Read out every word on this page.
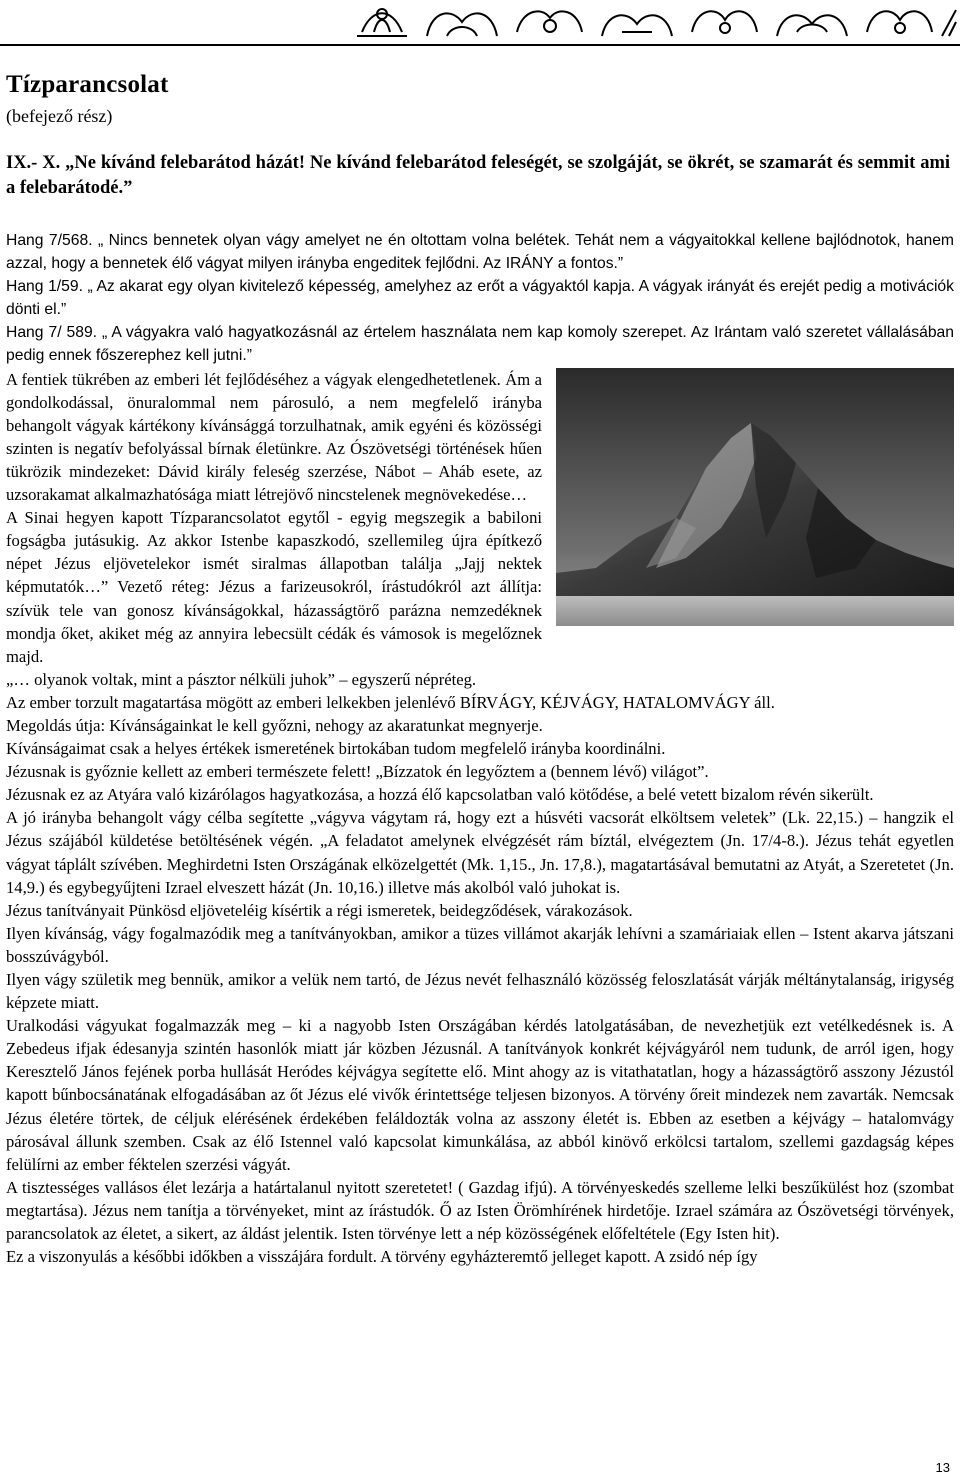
Tízparancsolat
(befejező rész)

IX.- X. „Ne kívánd felebarátod házát! Ne kívánd felebarátod feleségét, se szolgáját, se ökrét, se szamarát és semmit ami a felebarátodé.”

Hang 7/568. „ Nincs bennetek olyan vágy amelyet ne én oltottam volna belétek. Tehát nem a vágyaitokkal kellene bajlódnotok, hanem azzal, hogy a bennetek élő vágyat milyen irányba engeditek fejlődni. Az IRÁNY a fontos.”

Hang 1/59. „ Az akarat egy olyan kivitelező képesség, amelyhez az erőt a vágyaktól kapja. A vágyak irányát és erejét pedig a motivációk dönti el.”

Hang 7/ 589. „ A vágyakra való hagyatkozásnál az értelem használata nem kap komoly szerepet. Az Irántam való szeretet vállalásában pedig ennek főszerephez kell jutni.”

A fentiek tükrében az emberi lét fejlődéséhez a vágyak elengedhetetlenek. Ám a gondolkodással, önuralommal nem párosuló, a nem megfelelő irányba behangolt vágyak kártékony kívánsággá torzulhatnak, amik egyéni és közösségi szinten is negatív befolyással bírnak életünkre. Az Ószövetségi történések hűen tükrözik mindezeket: Dávid király feleség szerzése, Nábot – Aháb esete, az uzsorakamat alkalmazhatósága miatt létrejövő nincstelenek megnövekedése…

A Sinai hegyen kapott Tízparancsolatot egytől - egyig megszegik a babiloni fogságba jutásukig. Az akkor Istenbe kapaszkodó, szellemileg újra építkező népet Jézus eljövetelekor ismét siralmas állapotban találja „Jajj nektek képmutatók…” Vezető réteg: Jézus a farizeusokról, írástudókról azt állítja: szívük tele van gonosz kívánságokkal, házasságtörő parázna nemzedéknek mondja őket, akiket még az annyira lebecsült cédák és vámosok is megelőznek majd.

„… olyanok voltak, mint a pásztor nélküli juhok” – egyszerű népréteg.

Az ember torzult magatartása mögött az emberi lelkekben jelenlévő BÍRVÁGY, KÉJVÁGY, HATALOMVÁGY áll.

Megoldás útja: Kívánságainkat le kell győzni, nehogy az akaratunkat megnyerje.

Kívánságaimat csak a helyes értékek ismeretének birtokában tudom megfelelő irányba koordinálni.

Jézusnak is győznie kellett az emberi természete felett! „Bízzatok én legyőztem a (bennem lévő) világot”.

Jézusnak ez az Atyára való kizárólagos hagyatkozása, a hozzá élő kapcsolatban való kötődése, a belé vetett bizalom révén sikerült.

A jó irányba behangolt vágy célba segítette „vágyva vágytam rá, hogy ezt a húsvéti vacsorát elköltsem veletek” (Lk. 22,15.) – hangzik el Jézus szájából küldetése betöltésének végén. „A feladatot amelynek elvégzését rám bíztál, elvégeztem (Jn. 17/4-8.). Jézus tehát egyetlen vágyat táplált szívében. Meghirdetni Isten Országának elközelgettét (Mk. 1,15., Jn. 17,8.), magatartásával bemutatni az Atyát, a Szeretetet (Jn. 14,9.) és egybegyűjteni Izrael elveszett házát (Jn. 10,16.) illetve más akolból való juhokat is.

Jézus tanítványait Pünkösd eljöveteléig kísértik a régi ismeretek, beidegződések, várakozások.

Ilyen kívánság, vágy fogalmazódik meg a tanítványokban, amikor a tüzes villámot akarják lehívni a szamáriaiak ellen – Istent akarva játszani bosszúvágyból.

Ilyen vágy születik meg bennük, amikor a velük nem tartó, de Jézus nevét felhasználó közösség feloszlatását várják méltánytalanság, irigység képzete miatt.

Uralkodási vágyukat fogalmazzák meg – ki a nagyobb Isten Országában kérdés latolgatásában, de nevezhetjük ezt vetélkedésnek is. A Zebedeus ifjak édesanyja szintén hasonlók miatt jár közben Jézusnál. A tanítványok konkrét kéjvágyáról nem tudunk, de arról igen, hogy Keresztelő János fejének porba hullását Heródes kéjvágya segítette elő. Mint ahogy az is vitathatatlan, hogy a házasságtörő asszony Jézustól kapott bűnbocsánatának elfogadásában az őt Jézus elé vivők érintettsége teljesen bizonyos. A törvény őreit mindezek nem zavarták. Nemcsak Jézus életére törtek, de céljuk elérésének érdekében feláldozták volna az asszony életét is. Ebben az esetben a kéjvágy – hatalomvágy párosával állunk szemben. Csak az élő Istennel való kapcsolat kimunkálása, az abból kinövő erkölcsi tartalom, szellemi gazdagság képes felülírni az ember féktelen szerzési vágyát.

A tisztességes vallásos élet lezárja a határtalanul nyitott szeretetet! ( Gazdag ifjú). A törvényeskedés szelleme lelki beszűkülést hoz (szombat megtartása). Jézus nem tanítja a törvényeket, mint az írástudók. Ő az Isten Örömhírének hirdetője. Izrael számára az Ószövetségi törvények, parancsolatok az életet, a sikert, az áldást jelentik. Isten törvénye lett a nép közösségének előfeltétele (Egy Isten hit).

Ez a viszonyulás a későbbi időkben a visszájára fordult. A törvény egyházteremtő jelleget kapott. A zsidó nép így

13
